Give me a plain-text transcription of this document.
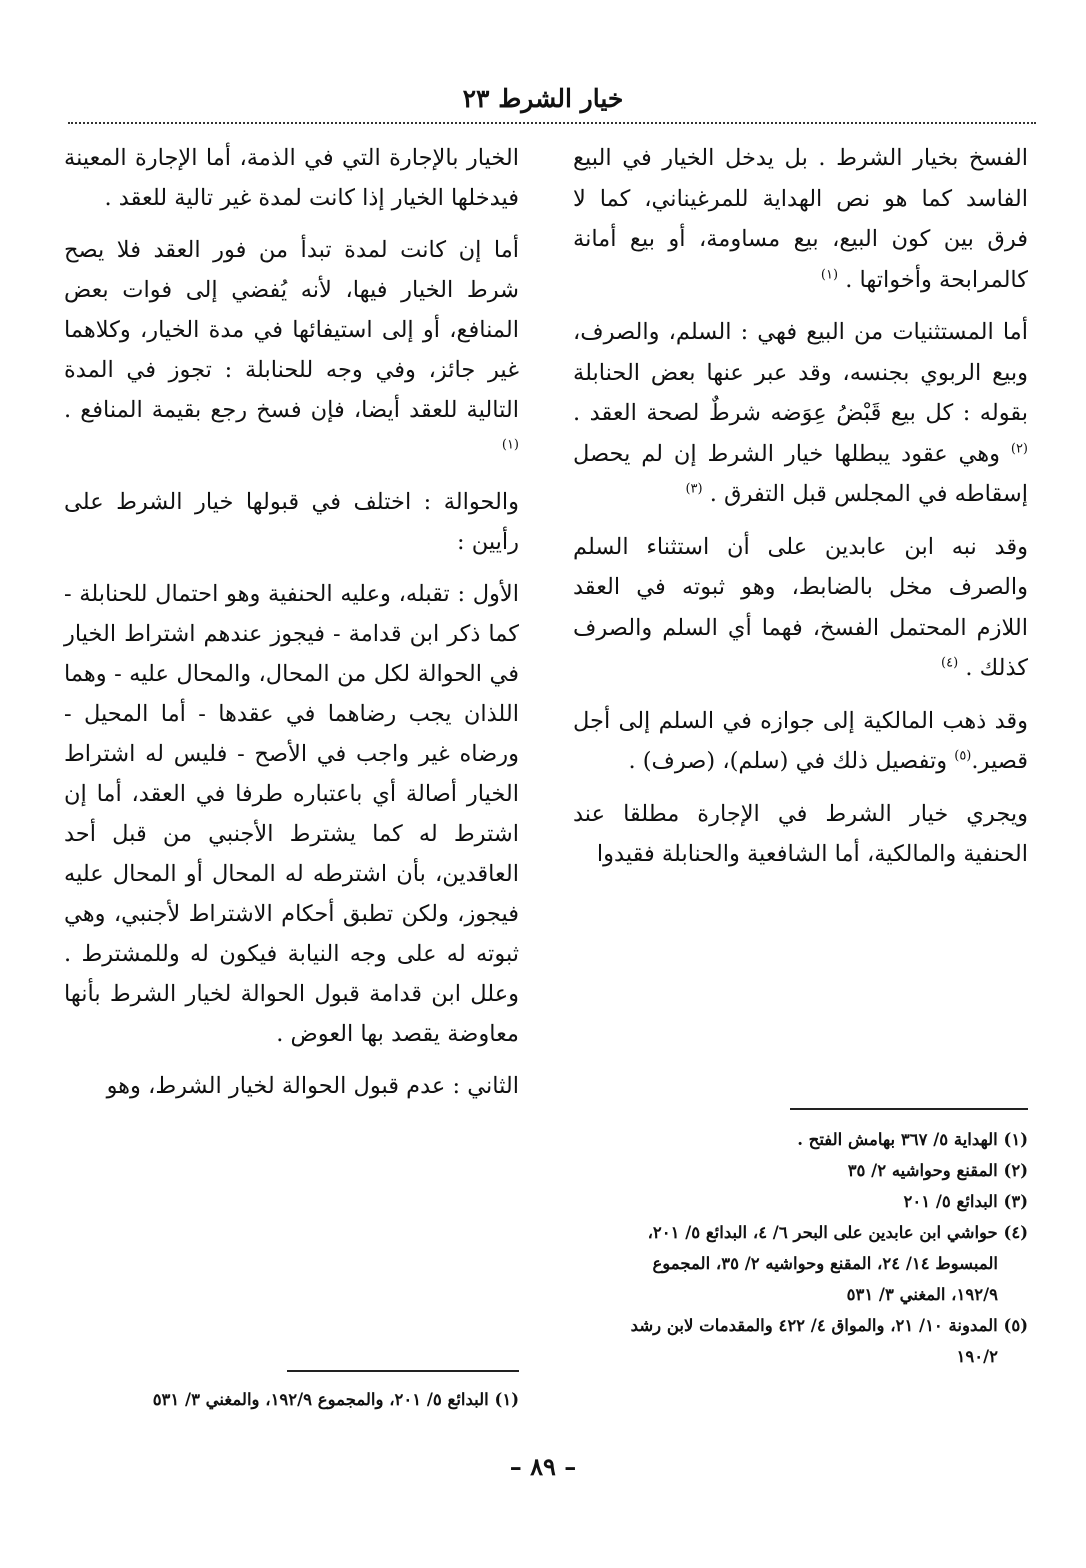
خيار الشرط ٢٣

الفسخ بخيار الشرط . بل يدخل الخيار في البيع الفاسد كما هو نص الهداية للمرغيناني، كما لا فرق بين كون البيع، بيع مساومة، أو بيع أمانة كالمرابحة وأخواتها . $^{(١)}$

أما المستثنيات من البيع فهي : السلم، والصرف، وبيع الربوي بجنسه، وقد عبر عنها بعض الحنابلة بقوله : كل بيع قَبْضُ عِوَضه شرطٌ لصحة العقد . $^{(٢)}$ وهي عقود يبطلها خيار الشرط إن لم يحصل إسقاطه في المجلس قبل التفرق . $^{(٣)}$

وقد نبه ابن عابدين على أن استثناء السلم والصرف مخل بالضابط، وهو ثبوته في العقد اللازم المحتمل الفسخ، فهما أي السلم والصرف كذلك . $^{(٤)}$

وقد ذهب المالكية إلى جوازه في السلم إلى أجل قصير.$^{(٥)}$ وتفصيل ذلك في (سلم)، (صرف) .

ويجري خيار الشرط في الإجارة مطلقا عند الحنفية والمالكية، أما الشافعية والحنابلة فقيدوا

الخيار بالإجارة التي في الذمة، أما الإجارة المعينة فيدخلها الخيار إذا كانت لمدة غير تالية للعقد .

أما إن كانت لمدة تبدأ من فور العقد فلا يصح شرط الخيار فيها، لأنه يُفضي إلى فوات بعض المنافع، أو إلى استيفائها في مدة الخيار، وكلاهما غير جائز، وفي وجه للحنابلة : تجوز في المدة التالية للعقد أيضا، فإن فسخ رجع بقيمة المنافع . $^{(١)}$

والحوالة : اختلف في قبولها خيار الشرط على رأيين :

الأول : تقبله، وعليه الحنفية وهو احتمال للحنابلة - كما ذكر ابن قدامة - فيجوز عندهم اشتراط الخيار في الحوالة لكل من المحال، والمحال عليه - وهما اللذان يجب رضاهما في عقدها - أما المحيل - ورضاه غير واجب في الأصح - فليس له اشتراط الخيار أصالة أي باعتباره طرفا في العقد، أما إن اشترط له كما يشترط الأجنبي من قبل أحد العاقدين، بأن اشترطه له المحال أو المحال عليه فيجوز، ولكن تطبق أحكام الاشتراط لأجنبي، وهي ثبوته له على وجه النيابة فيكون له وللمشترط . وعلل ابن قدامة قبول الحوالة لخيار الشرط بأنها معاوضة يقصد بها العوض .

الثاني : عدم قبول الحوالة لخيار الشرط، وهو

(١) الهداية ٥/ ٣٦٧ بهامش الفتح .

(٢) المقنع وحواشيه ٢/ ٣٥

(٣) البدائع ٥/ ٢٠١

(٤) حواشي ابن عابدين على البحر ٦/ ٤، البدائع ٥/ ٢٠١،

المبسوط ١٤/ ٢٤، المقنع وحواشيه ٢/ ٣٥، المجموع

١٩٢/٩، المغني ٣/ ٥٣١

(٥) المدونة ١٠/ ٢١، والمواق ٤/ ٤٢٢ والمقدمات لابن رشد

١٩٠/٢

(١) البدائع ٥/ ٢٠١، والمجموع ١٩٢/٩، والمغني ٣/ ٥٣١

– ٨٩ –
